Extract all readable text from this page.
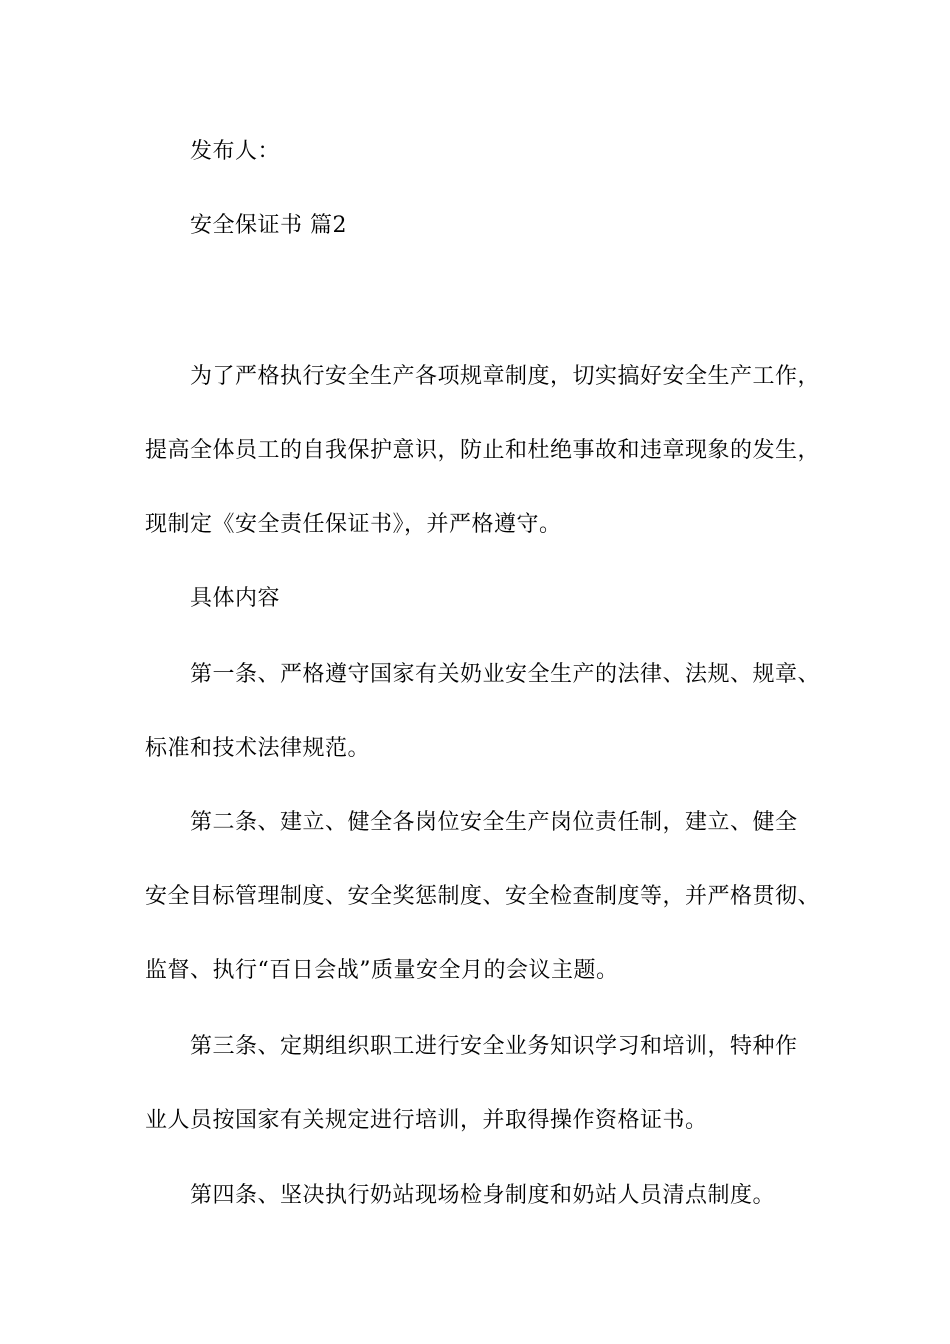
发布人：
安全保证书 篇2
为了严格执行安全生产各项规章制度，切实搞好安全生产工作，
提高全体员工的自我保护意识，防止和杜绝事故和违章现象的发生，
现制定《安全责任保证书》，并严格遵守。
具体内容
第一条、严格遵守国家有关奶业安全生产的法律、法规、规章、
标准和技术法律规范。
第二条、建立、健全各岗位安全生产岗位责任制，建立、健全
安全目标管理制度、安全奖惩制度、安全检查制度等，并严格贯彻、
监督、执行“百日会战”质量安全月的会议主题。
第三条、定期组织职工进行安全业务知识学习和培训，特种作
业人员按国家有关规定进行培训，并取得操作资格证书。
第四条、坚决执行奶站现场检身制度和奶站人员清点制度。
